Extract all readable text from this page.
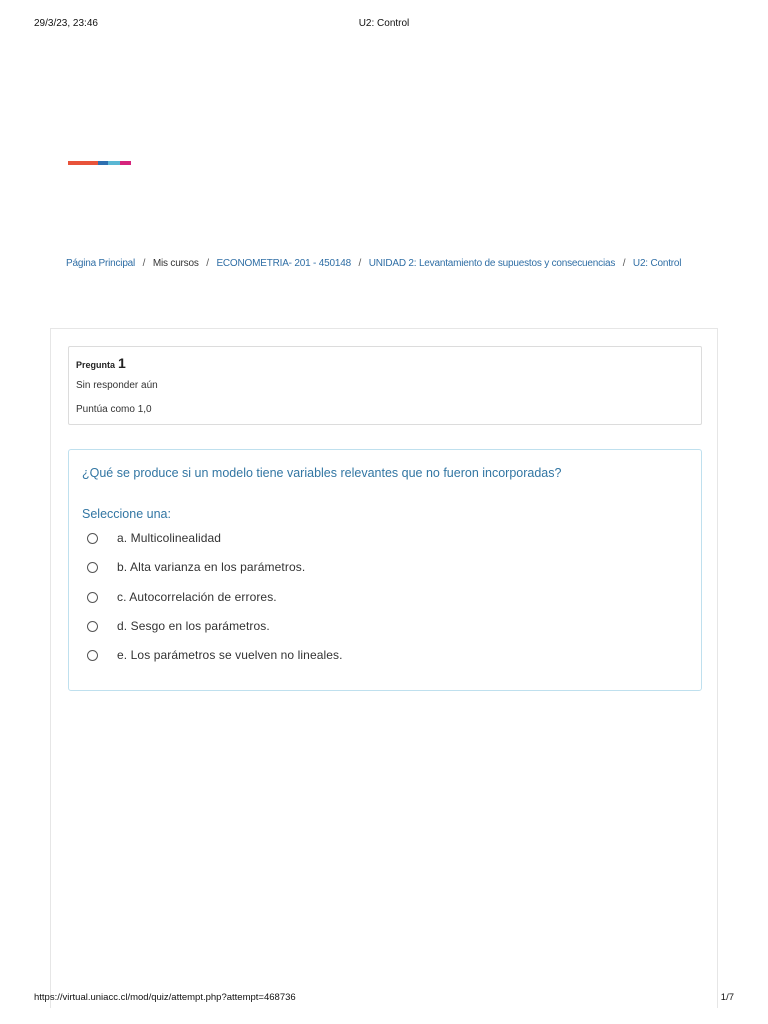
29/3/23, 23:46	U2: Control
Página Principal / Mis cursos / ECONOMETRIA- 201 - 450148 / UNIDAD 2: Levantamiento de supuestos y consecuencias / U2: Control
Pregunta 1
Sin responder aún
Puntúa como 1,0
¿Qué se produce si un modelo tiene variables relevantes que no fueron incorporadas?
Seleccione una:
a. Multicolinealidad
b. Alta varianza en los parámetros.
c. Autocorrelación de errores.
d. Sesgo en los parámetros.
e. Los parámetros se vuelven no lineales.
https://virtual.uniacc.cl/mod/quiz/attempt.php?attempt=468736	1/7
